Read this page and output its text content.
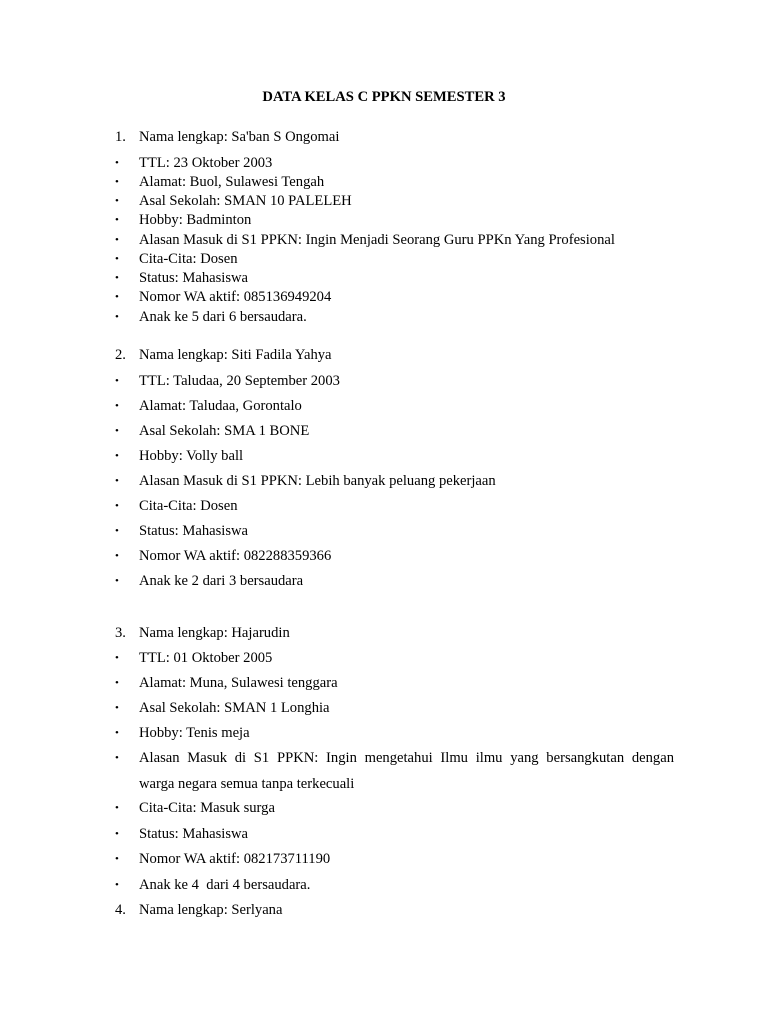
DATA KELAS C PPKN SEMESTER 3
1. Nama lengkap: Sa'ban S Ongomai
•	TTL: 23 Oktober 2003
•	Alamat: Buol, Sulawesi Tengah
•	Asal Sekolah: SMAN 10 PALELEH
•	Hobby: Badminton
•	Alasan Masuk di S1 PPKN: Ingin Menjadi Seorang Guru PPKn Yang Profesional
•	Cita-Cita: Dosen
•	Status: Mahasiswa
•	Nomor WA aktif: 085136949204
•	Anak ke 5 dari 6 bersaudara.
2. Nama lengkap: Siti Fadila Yahya
•	TTL: Taludaa, 20 September 2003
•	Alamat: Taludaa, Gorontalo
•	Asal Sekolah: SMA 1 BONE
•	Hobby: Volly ball
•	Alasan Masuk di S1 PPKN: Lebih banyak peluang pekerjaan
•	Cita-Cita: Dosen
•	Status: Mahasiswa
•	Nomor WA aktif: 082288359366
•	Anak ke 2 dari 3 bersaudara
3. Nama lengkap: Hajarudin
•	TTL: 01 Oktober 2005
•	Alamat: Muna, Sulawesi tenggara
•	Asal Sekolah: SMAN 1 Longhia
•	Hobby: Tenis meja
•	Alasan Masuk di S1 PPKN: Ingin mengetahui Ilmu ilmu yang bersangkutan dengan
warga negara semua tanpa terkecuali
•	Cita-Cita: Masuk surga
•	Status: Mahasiswa
•	Nomor WA aktif: 082173711190
•	Anak ke 4  dari 4 bersaudara.
4. Nama lengkap: Serlyana
